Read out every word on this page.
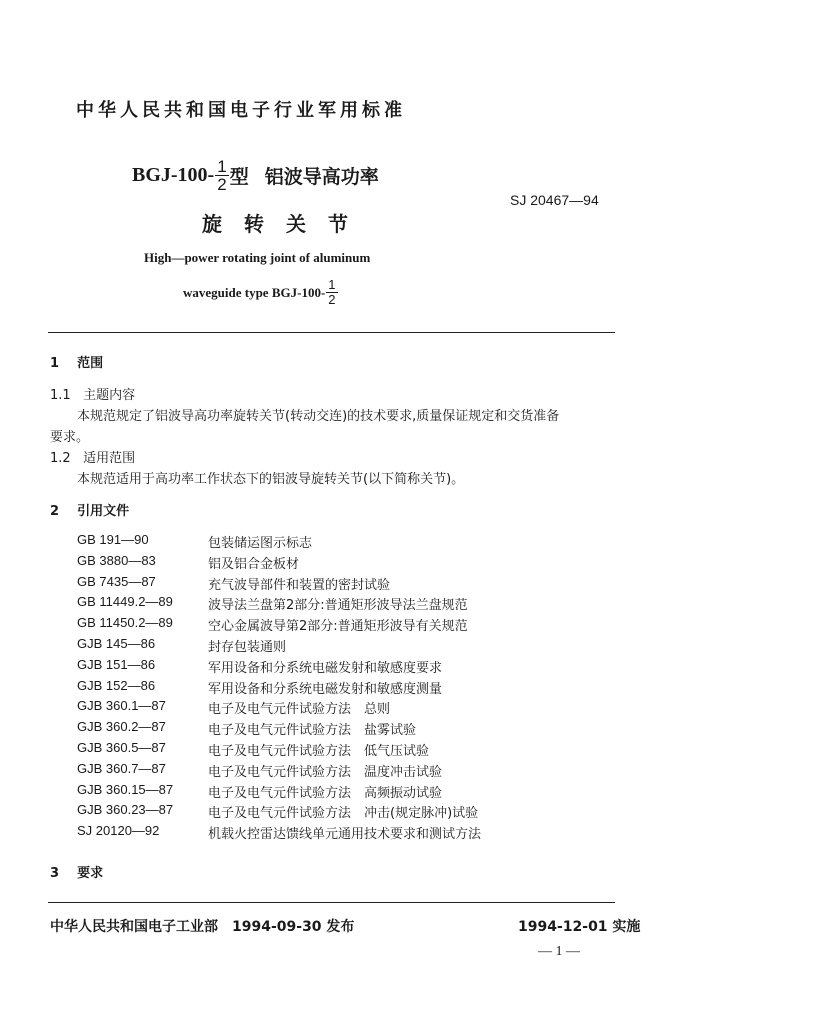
中华人民共和国电子行业军用标准
$BGJ-100- \frac{1}{2}$ 型 铝波导高功率
旋转关节
SJ 20467—94
High—power rotating joint of aluminum
waveguide type $BGJ-100- \frac{1}{2}$
1 范围
1.1 主题内容
本规范规定了铝波导高功率旋转关节(转动交连)的技术要求,质量保证规定和交货准备
要求。
1.2 适用范围
本规范适用于高功率工作状态下的铝波导旋转关节(以下简称关节)。
2 引用文件
GB 191—90	包装储运图示标志
GB 3880—83	铝及铝合金板材
GB 7435—87	充气波导部件和装置的密封试验
GB 11449.2—89	波导法兰盘第2部分:普通矩形波导法兰盘规范
GB 11450.2—89	空心金属波导第2部分:普通矩形波导有关规范
GJB 145—86	封存包装通则
GJB 151—86	军用设备和分系统电磁发射和敏感度要求
GJB 152—86	军用设备和分系统电磁发射和敏感度测量
GJB 360.1—87	电子及电气元件试验方法　总则
GJB 360.2—87	电子及电气元件试验方法　盐雾试验
GJB 360.5—87	电子及电气元件试验方法　低气压试验
GJB 360.7—87	电子及电气元件试验方法　温度冲击试验
GJB 360.15—87	电子及电气元件试验方法　高频振动试验
GJB 360.23—87	电子及电气元件试验方法　冲击(规定脉冲)试验
SJ 20120—92	机载火控雷达馈线单元通用技术要求和测试方法
3 要求
中华人民共和国电子工业部　1994-09-30 发布	1994-12-01 实施
— 1 —
